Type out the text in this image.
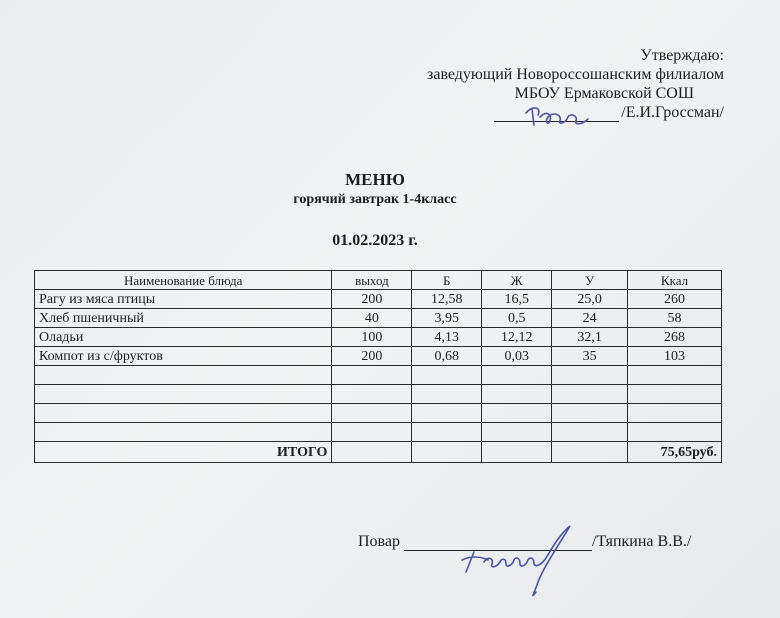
Утверждаю:
заведующий Новороссошанским филиалом
МБОУ Ермаковской СОШ
/Е.И.Гроссман/
МЕНЮ
горячий завтрак 1-4класс
01.02.2023 г.
Наименование блюда	выход	Б	Ж	У	Ккал
Рагу из мяса птицы	200	12,58	16,5	25,0	260
Хлеб пшеничный	40	3,95	0,5	24	58
Оладьи	100	4,13	12,12	32,1	268
Компот из с/фруктов	200	0,68	0,03	35	103

ИТОГО					75,65руб.
Повар	/Тяпкина В.В./
